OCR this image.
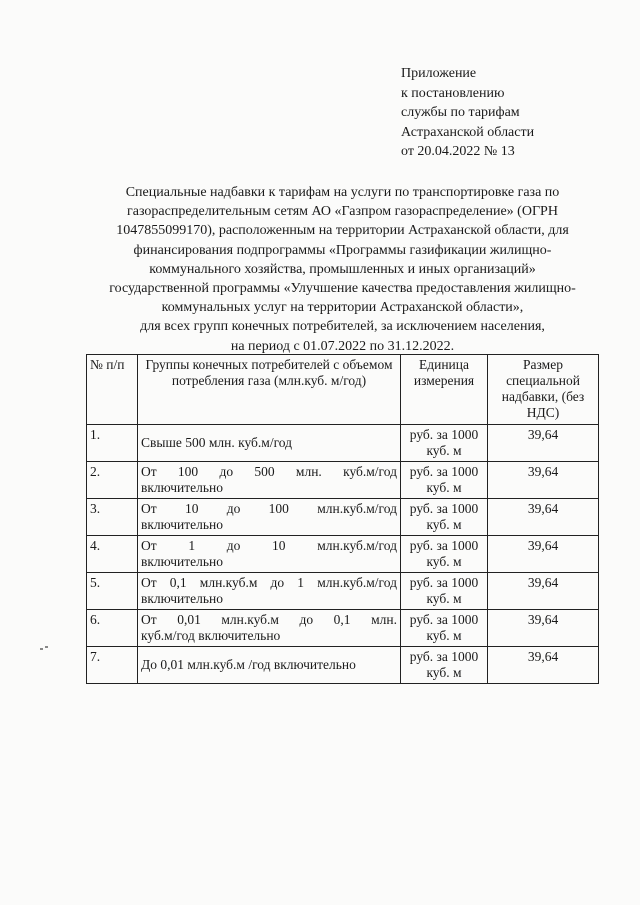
Приложение
к постановлению
службы по тарифам
Астраханской области
от 20.04.2022 № 13
Специальные надбавки к тарифам на услуги по транспортировке газа по
газораспределительным сетям АО «Газпром газораспределение» (ОГРН
1047855099170), расположенным на территории Астраханской области, для
финансирования подпрограммы «Программы газификации жилищно-
коммунального хозяйства, промышленных и иных организаций»
государственной программы «Улучшение качества предоставления жилищно-
коммунальных услуг на территории Астраханской области»,
для всех групп конечных потребителей, за исключением населения,
на период с 01.07.2022 по 31.12.2022.
№ п/п	Группы конечных потребителей с объемом потребления газа (млн.куб. м/год)	Единица измерения	Размер специальной надбавки, (без НДС)
1.	Свыше 500 млн. куб.м/год	руб. за 1000 куб. м	39,64
2.	От 100 до 500 млн. куб.м/год
включительно	руб. за 1000 куб. м	39,64
3.	От 10 до 100 млн.куб.м/год
включительно	руб. за 1000 куб. м	39,64
4.	От 1 до 10 млн.куб.м/год
включительно	руб. за 1000 куб. м	39,64
5.	От 0,1 млн.куб.м до 1 млн.куб.м/год
включительно	руб. за 1000 куб. м	39,64
6.	От 0,01 млн.куб.м до 0,1 млн.
куб.м/год включительно	руб. за 1000 куб. м	39,64
7.	До 0,01 млн.куб.м /год включительно	руб. за 1000 куб. м	39,64
